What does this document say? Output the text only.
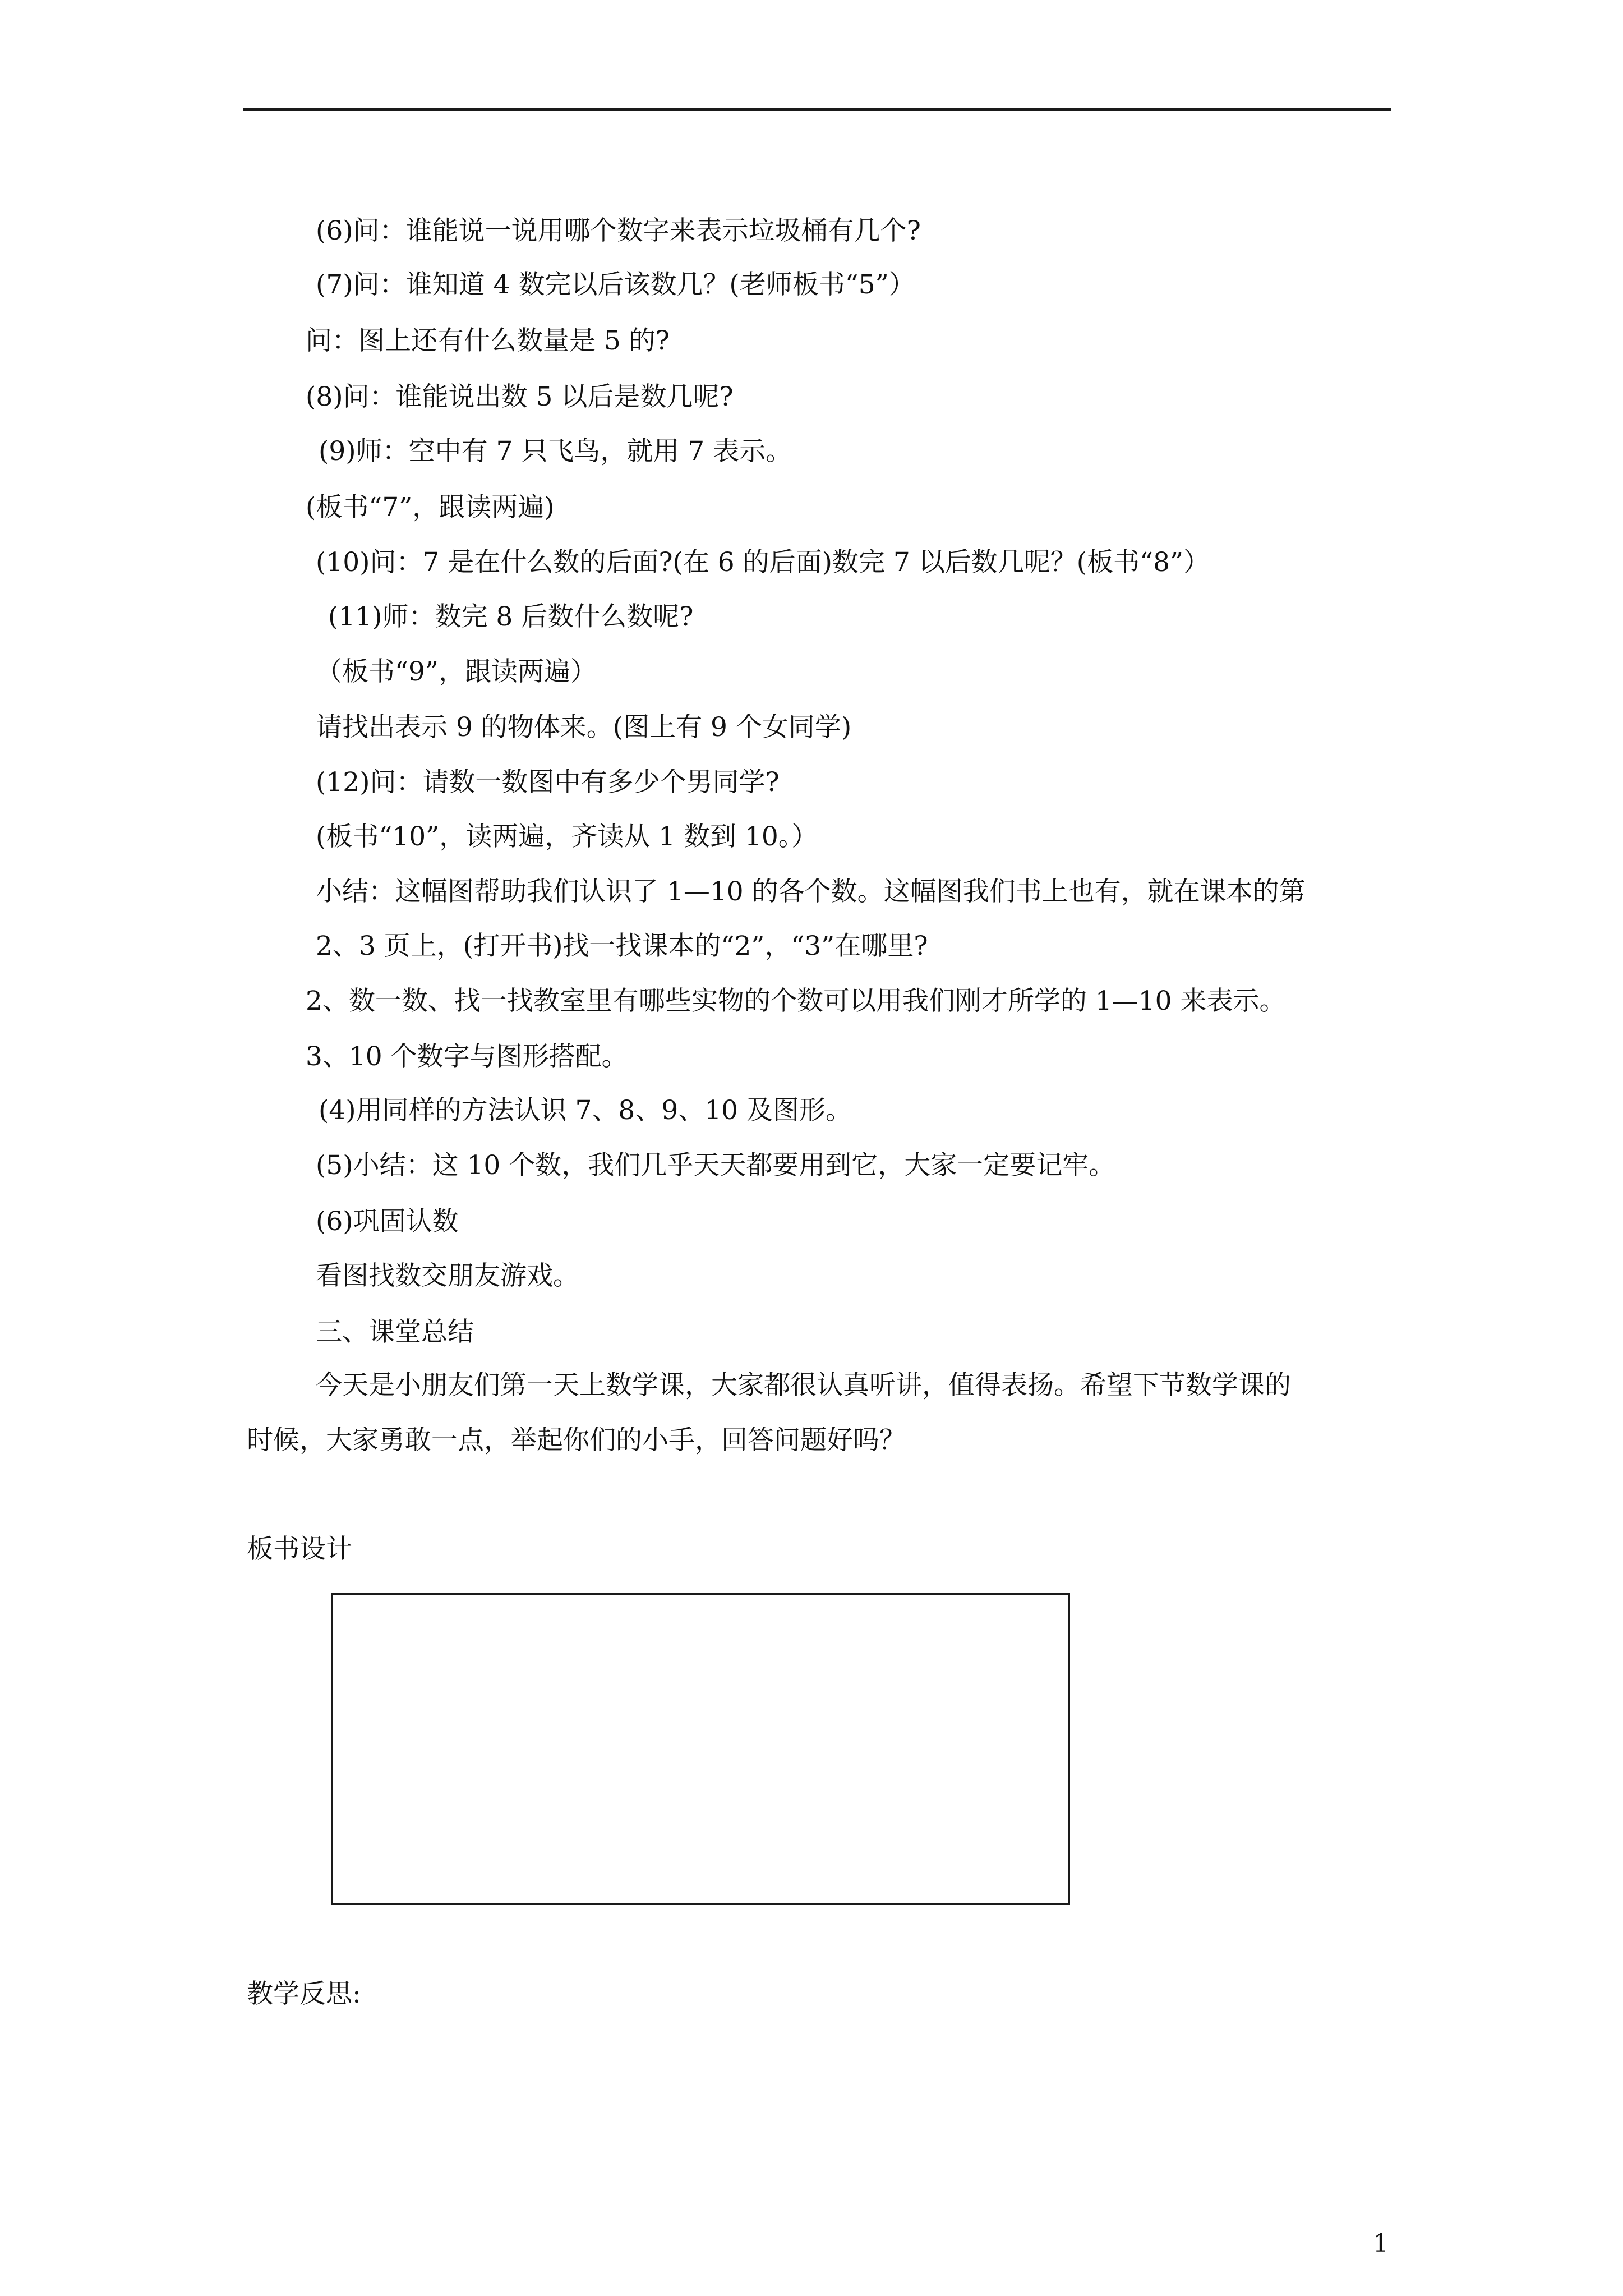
(6)问：谁能说一说用哪个数字来表示垃圾桶有几个?
(7)问：谁知道 4 数完以后该数几？(老师板书“5”）
问：图上还有什么数量是 5 的?
(8)问：谁能说出数 5 以后是数几呢?
(9)师：空中有 7 只飞鸟，就用 7 表示。
(板书“7”，跟读两遍)
(10)问：7 是在什么数的后面?(在 6 的后面)数完 7 以后数几呢？(板书“8”）
(11)师：数完 8 后数什么数呢?
（板书“9”，跟读两遍）
请找出表示 9 的物体来。(图上有 9 个女同学)
(12)问：请数一数图中有多少个男同学?
(板书“10”，读两遍，齐读从 1 数到 10。）
小结：这幅图帮助我们认识了 1—10 的各个数。这幅图我们书上也有，就在课本的第
2、3 页上，(打开书)找一找课本的“2”，“3”在哪里?
2、数一数、找一找教室里有哪些实物的个数可以用我们刚才所学的 1—10 来表示。
3、10 个数字与图形搭配。
(4)用同样的方法认识 7、8、9、10 及图形。
(5)小结：这 10 个数，我们几乎天天都要用到它，大家一定要记牢。
(6)巩固认数
看图找数交朋友游戏。
三、课堂总结
今天是小朋友们第一天上数学课，大家都很认真听讲，值得表扬。希望下节数学课的
时候，大家勇敢一点，举起你们的小手，回答问题好吗？
板书设计
教学反思:
1
